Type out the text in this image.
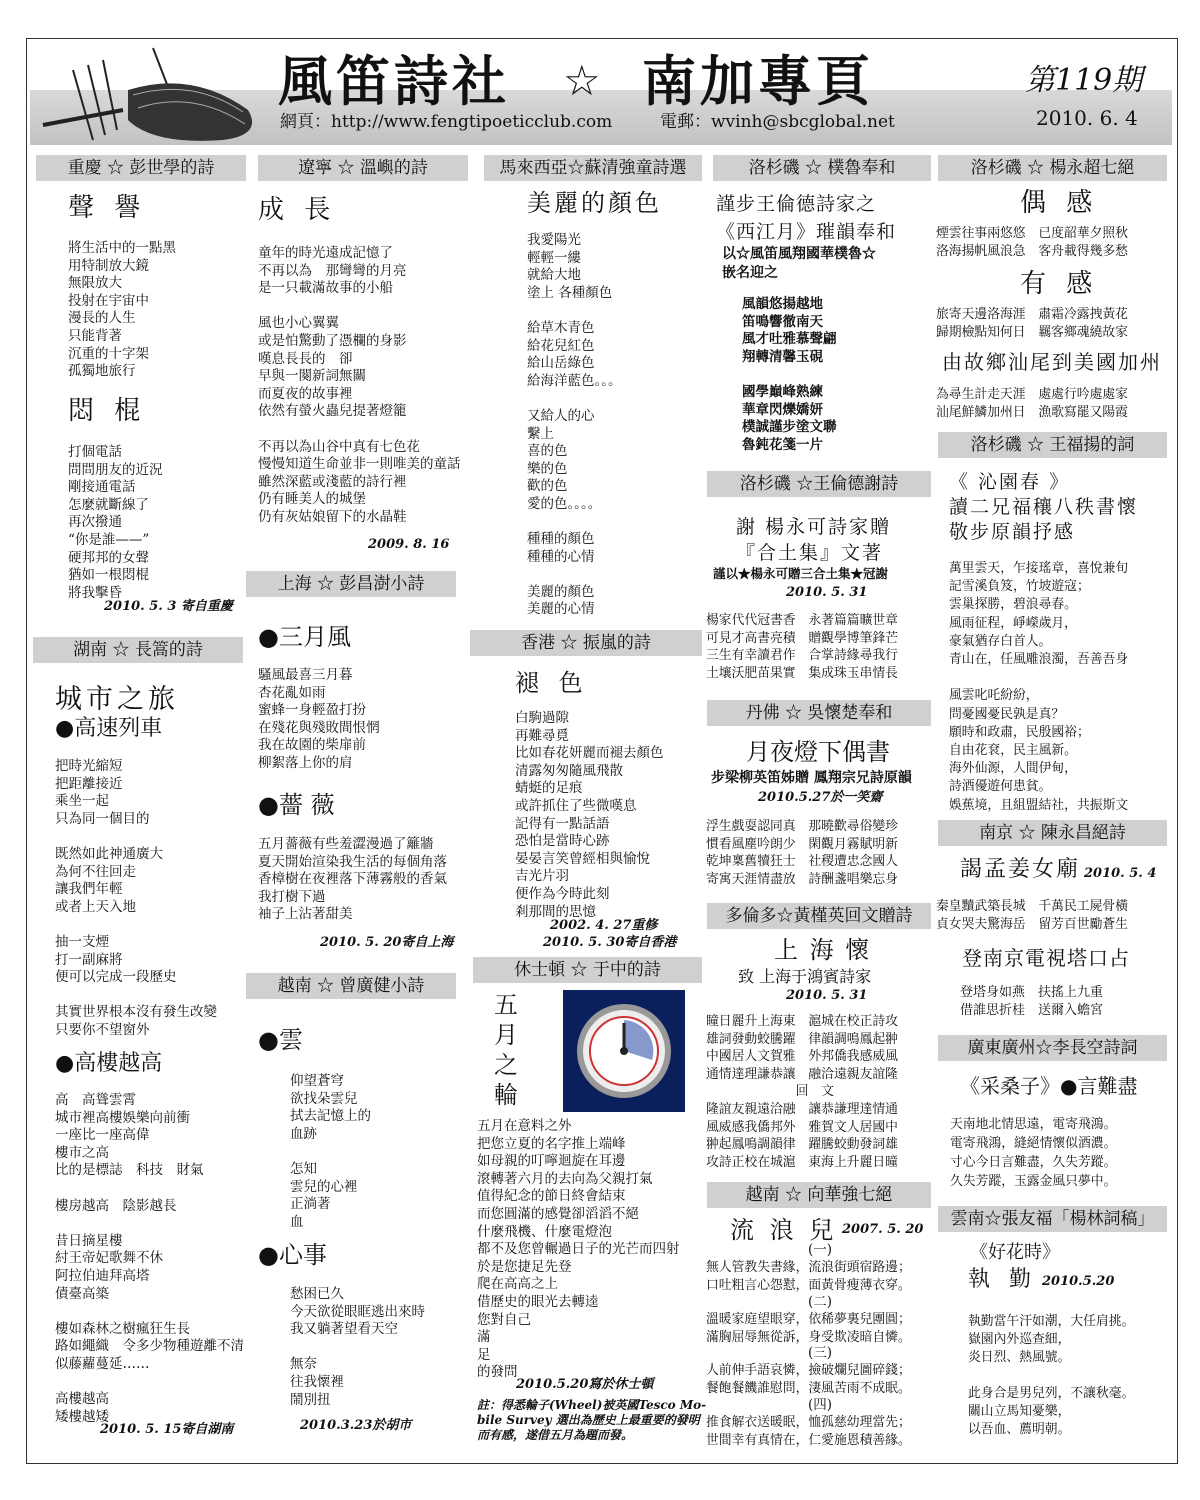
風笛詩社 ☆ 南加專頁	第119期
2010. 6. 4
網頁：http://www.fengtipoeticclub.com	電郵：wvinh@sbcglobal.net
重慶 ☆ 彭世學的詩
聲 譽
將生活中的一點黑
用特制放大鏡
無限放大
投射在宇宙中
漫長的人生
只能背著
沉重的十字架
孤獨地旅行
悶 棍
打個電話
問問朋友的近況
剛接通電話
怎麼就斷線了
再次撥通
“你是誰——”
硬邦邦的女聲
猶如一根悶棍
將我擊昏
2010. 5. 3 寄自重慶
湖南 ☆ 長篙的詩
城市之旅
●高速列車
把時光縮短
把距離接近
乘坐一起
只為同一個目的

既然如此神通廣大
為何不往回走
讓我們年輕
或者上天入地

抽一支煙
打一副麻將
便可以完成一段歷史

其實世界根本沒有發生改變
只要你不望窗外
●高樓越高
高　高聳雲霄
城市裡高樓娛樂向前衝
一座比一座高偉
樓市之高
比的是標誌　科技　財氣

樓房越高　陰影越長

昔日摘星樓
紂王帝妃歌舞不休
阿拉伯迪拜高塔
債臺高築

樓如森林之樹瘋狂生長
路如繩織　令多少物種遊離不清
似藤蘿蔓延……

高樓越高
矮樓越矮
2010. 5. 15寄自湖南
遼寧 ☆ 溫嶼的詩
成 長
童年的時光遠成記憶了
不再以為　那彎彎的月亮
是一只載滿故事的小船

風也小心翼翼
或是怕驚動了憑欄的身影
嘆息長長的　卻
早與一闋新詞無關
而夏夜的故事裡
依然有螢火蟲兒提著燈籠

不再以為山谷中真有七色花
慢慢知道生命並非一則唯美的童話
雖然深藍或淺藍的詩行裡
仍有睡美人的城堡
仍有灰姑娘留下的水晶鞋
2009. 8. 16
上海 ☆ 彭昌澍小詩
●三月風
騷風最喜三月暮
杏花亂如雨
蜜蜂一身輕盈打扮
在殘花與殘敗間恨惘
我在故園的柴扉前
柳絮落上你的肩
●薔 薇
五月薔薇有些羞澀漫過了籬牆
夏天開始渲染我生活的每個角落
香樟樹在夜裡落下薄霧般的香氣
我打樹下過
袖子上沾著甜美
2010. 5. 20寄自上海
越南 ☆ 曾廣健小詩
●雲
仰望蒼穹
欲找朵雲兒
拭去記憶上的
血跡

怎知
雲兒的心裡
正淌著
血
●心事
愁困已久
今天欲從眼眶逃出來時
我又躺著望看天空

無奈
往我懷裡
鬧別扭
2010.3.23於胡市
馬來西亞☆蘇清強童詩選
美麗的顏色
我愛陽光
輕輕一縷
就給大地
塗上 各種顏色

給草木青色
給花兒紅色
給山岳綠色
給海洋藍色。。。

又給人的心
繫上
喜的色
樂的色
歡的色
愛的色。。。。

種種的顏色
種種的心情

美麗的顏色
美麗的心情
香港 ☆ 振嵐的詩
褪 色
白駒過隙
再難尋覓
比如春花妍麗而褪去顏色
清露匆匆隨風飛散
蜻蜓的足痕
或許抓住了些微嘆息
記得有一點話語
恐怕是當時心跡
晏晏言笑曾經相與愉悅
吉光片羽
便作為今時此刻
剎那間的思憶
2002. 4. 27重修
2010. 5. 30寄自香港
休士頓 ☆ 于中的詩
五月之輪
五月在意料之外
把您立夏的名字推上端峰
如母親的叮嚀迴旋在耳邊
滾轉著六月的去向為父親打氣
值得紀念的節日終會結束
而您圓滿的感覺卻滔滔不絕
什麼飛機、什麼電燈泡
都不及您曾輾過日子的光芒而四射
於是您捷足先登
爬在高高之上
借歷史的眼光去轉逵
您對自己
滿
足
的發問
2010.5.20寫於休士頓
註：得悉輪子(Wheel)被英國Tesco Mo-
bile Survey 選出為歷史上最重要的發明
而有感，遂借五月為題而發。
洛杉磯 ☆ 樸魯奉和
謹步王倫德詩家之
《西江月》璀韻奉和
以☆風笛風翔國華樸魯☆
嵌名迎之
風韻悠揚越地
笛鳴響徹南天
風才吐雅慕聲翩
翔轉清馨玉硯

國學巔峰熟練
華章閃爍嬌妍
樸誠謹步塗文聯
魯鈍花箋一片
洛杉磯 ☆王倫德謝詩
謝 楊永可詩家贈
『合土集』文著
謹以★楊永可贈三合土集★冠謝
2010. 5. 31
楊家代代冠書香　永著篇篇曠世章
可見才高書亮積　贈觀學博筆鋒芒
三生有幸讀君作　合掌詩緣尋我行
土壤沃肥苗果實　集成珠玉串情長
丹佛 ☆ 吳懷楚奉和
月夜燈下偶書
步梁柳英笛姊贈 鳳翔宗兄詩原韻
2010.5.27於一笑齋
浮生戲耍認同真　那曉歡尋俗變珍
慣看風塵吟朗少　閑觀月霧賦明新
乾坤稟舊犢狂士　社稷遭忠念國人
寄寓天涯情盡放　詩酬盞唱樂忘身
多倫多☆黃槿英回文贈詩
上 海 懷
致 上海于鴻賓詩家
2010. 5. 31
瞳日麗升上海東　滬城在校正詩攻
雄詞發動蛟騰躍　律韻調鳴鳳起翀
中國居人文賀雅　外邦僑我感威風
通情達理謙恭讓　融洽遠親友誼隆
　　　　　　　回　文
隆誼友親遠洽融　讓恭謙理達情通
風威感我僑邦外　雅賀文人居國中
翀起鳳鳴調韻律　躍騰蛟動發詞雄
攻詩正校在城滬　東海上升麗日曈
越南 ☆ 向華強七絕
流 浪 兒 2007. 5. 20
(一)
無人管教失書緣，流浪街頭宿路邊；
口吐粗言心怨懟，面黃骨瘦薄衣穿。
(二)
溫暖家庭望眼穿，依稀夢裏兒團圓；
滿胸屈辱無從訴，身受欺凌暗自憐。
(三)
人前伸手語哀憐，撿破爛兒圖碎錢；
餐飽餐饑誰慰問，淒風苦雨不成眠。
(四)
推食解衣送暖眠，恤孤慈幼理當先；
世間幸有真情在，仁愛施恩積善緣。
洛杉磯 ☆ 楊永超七絕
偶 感
煙雲往事兩悠悠　已度韶華夕照秋
洛海揚帆風浪急　客舟載得幾多愁
有 感
旅寄天邊洛海涯　肅霜冷露拽黃花
歸期檢點知何日　羈客鄉魂繞故家
由故鄉汕尾到美國加州
為尋生計走天涯　處處行吟處處家
汕尾鮮鱗加州日　漁歌寫罷又陽霞
洛杉磯 ☆ 王福揚的詞
《 沁園春 》
讀二兄福穰八秩書懷
敬步原韻抒感
萬里雲天，乍接瑤章，喜悅兼旬
記雪溪負笈，竹坡遊寇；
雲巢探勝，碧浪尋春。
風雨征程，崢嶸歲月，
豪氣猶存白首人。
青山在，任風雕浪濁，吾善吾身

風雲叱吒紛紛，
問憂國憂民孰是真？
願時和政肅，民殷國裕；
自由花袞，民主風新。
海外仙源，人間伊甸，
詩酒優遊何患貧。
娛蕉境，且組盟結社，共振斯文
南京 ☆ 陳永昌絕詩
謁孟姜女廟 2010. 5. 4
秦皇黷武築長城　千萬民工屍骨橫
貞女哭夫驚海岳　留芳百世勵蒼生
登南京電視塔口占
登塔身如燕　扶搖上九重
借誰思折桂　送爾入蟾宮
廣東廣州☆李長空詩詞
《采桑子》●言難盡
天南地北情思遠，電寄飛鴻。
電寄飛鴻，縫絕情懷似酒濃。
寸心今日言難盡，久失芳蹤。
久失芳蹤，玉露金風只夢中。
雲南☆張友福「楊林詞稿」
《好花時》
執 勤 2010.5.20
執勤當午汗如潮，大任肩挑。
嶽園內外巡查細，
炎日烈、熱風號。

此身合是男兒列，不讓秋毫。
關山立馬知憂樂，
以吾血、薦明朝。
